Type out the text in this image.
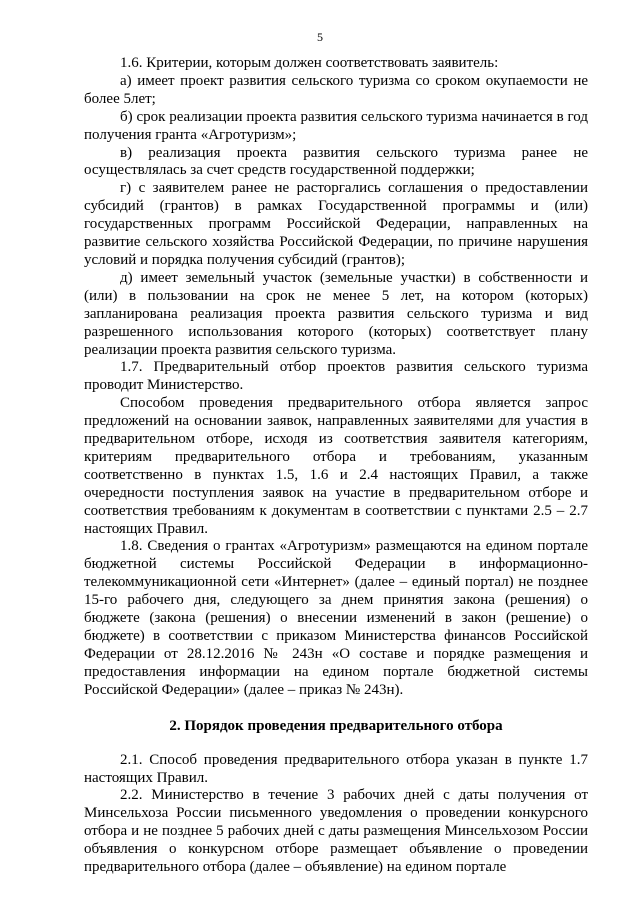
5

1.6. Критерии, которым должен соответствовать заявитель:

а) имеет проект развития сельского туризма со сроком окупаемости не более 5лет;

б) срок реализации проекта развития сельского туризма начинается в год получения гранта «Агротуризм»;

в) реализация проекта развития сельского туризма ранее не осуществлялась за счет средств государственной поддержки;

г) с заявителем ранее не расторгались соглашения о предоставлении субсидий (грантов) в рамках Государственной программы и (или) государственных программ Российской Федерации, направленных на развитие сельского хозяйства Российской Федерации, по причине нарушения условий и порядка получения субсидий (грантов);

д) имеет земельный участок (земельные участки) в собственности и (или) в пользовании на срок не менее 5 лет, на котором (которых) запланирована реализация проекта развития сельского туризма и вид разрешенного использования которого (которых) соответствует плану реализации проекта развития сельского туризма.

1.7. Предварительный отбор проектов развития сельского туризма проводит Министерство.

Способом проведения предварительного отбора является запрос предложений на основании заявок, направленных заявителями для участия в предварительном отборе, исходя из соответствия заявителя категориям, критериям предварительного отбора и требованиям, указанным соответственно в пунктах 1.5, 1.6 и 2.4 настоящих Правил, а также очередности поступления заявок на участие в предварительном отборе и соответствия требованиям к документам в соответствии с пунктами 2.5 – 2.7 настоящих Правил.

1.8. Сведения о грантах «Агротуризм» размещаются на едином портале бюджетной системы Российской Федерации в информационно-телекоммуникационной сети «Интернет» (далее – единый портал) не позднее 15-го рабочего дня, следующего за днем принятия закона (решения) о бюджете (закона (решения) о внесении изменений в закон (решение) о бюджете) в соответствии с приказом Министерства финансов Российской Федерации от 28.12.2016 № 243н «О составе и порядке размещения и предоставления информации на едином портале бюджетной системы Российской Федерации» (далее – приказ № 243н).

2. Порядок проведения предварительного отбора

2.1. Способ проведения предварительного отбора указан в пункте 1.7 настоящих Правил.

2.2. Министерство в течение 3 рабочих дней с даты получения от Минсельхоза России письменного уведомления о проведении конкурсного отбора и не позднее 5 рабочих дней с даты размещения Минсельхозом России объявления о конкурсном отборе размещает объявление о проведении предварительного отбора (далее – объявление) на едином портале
